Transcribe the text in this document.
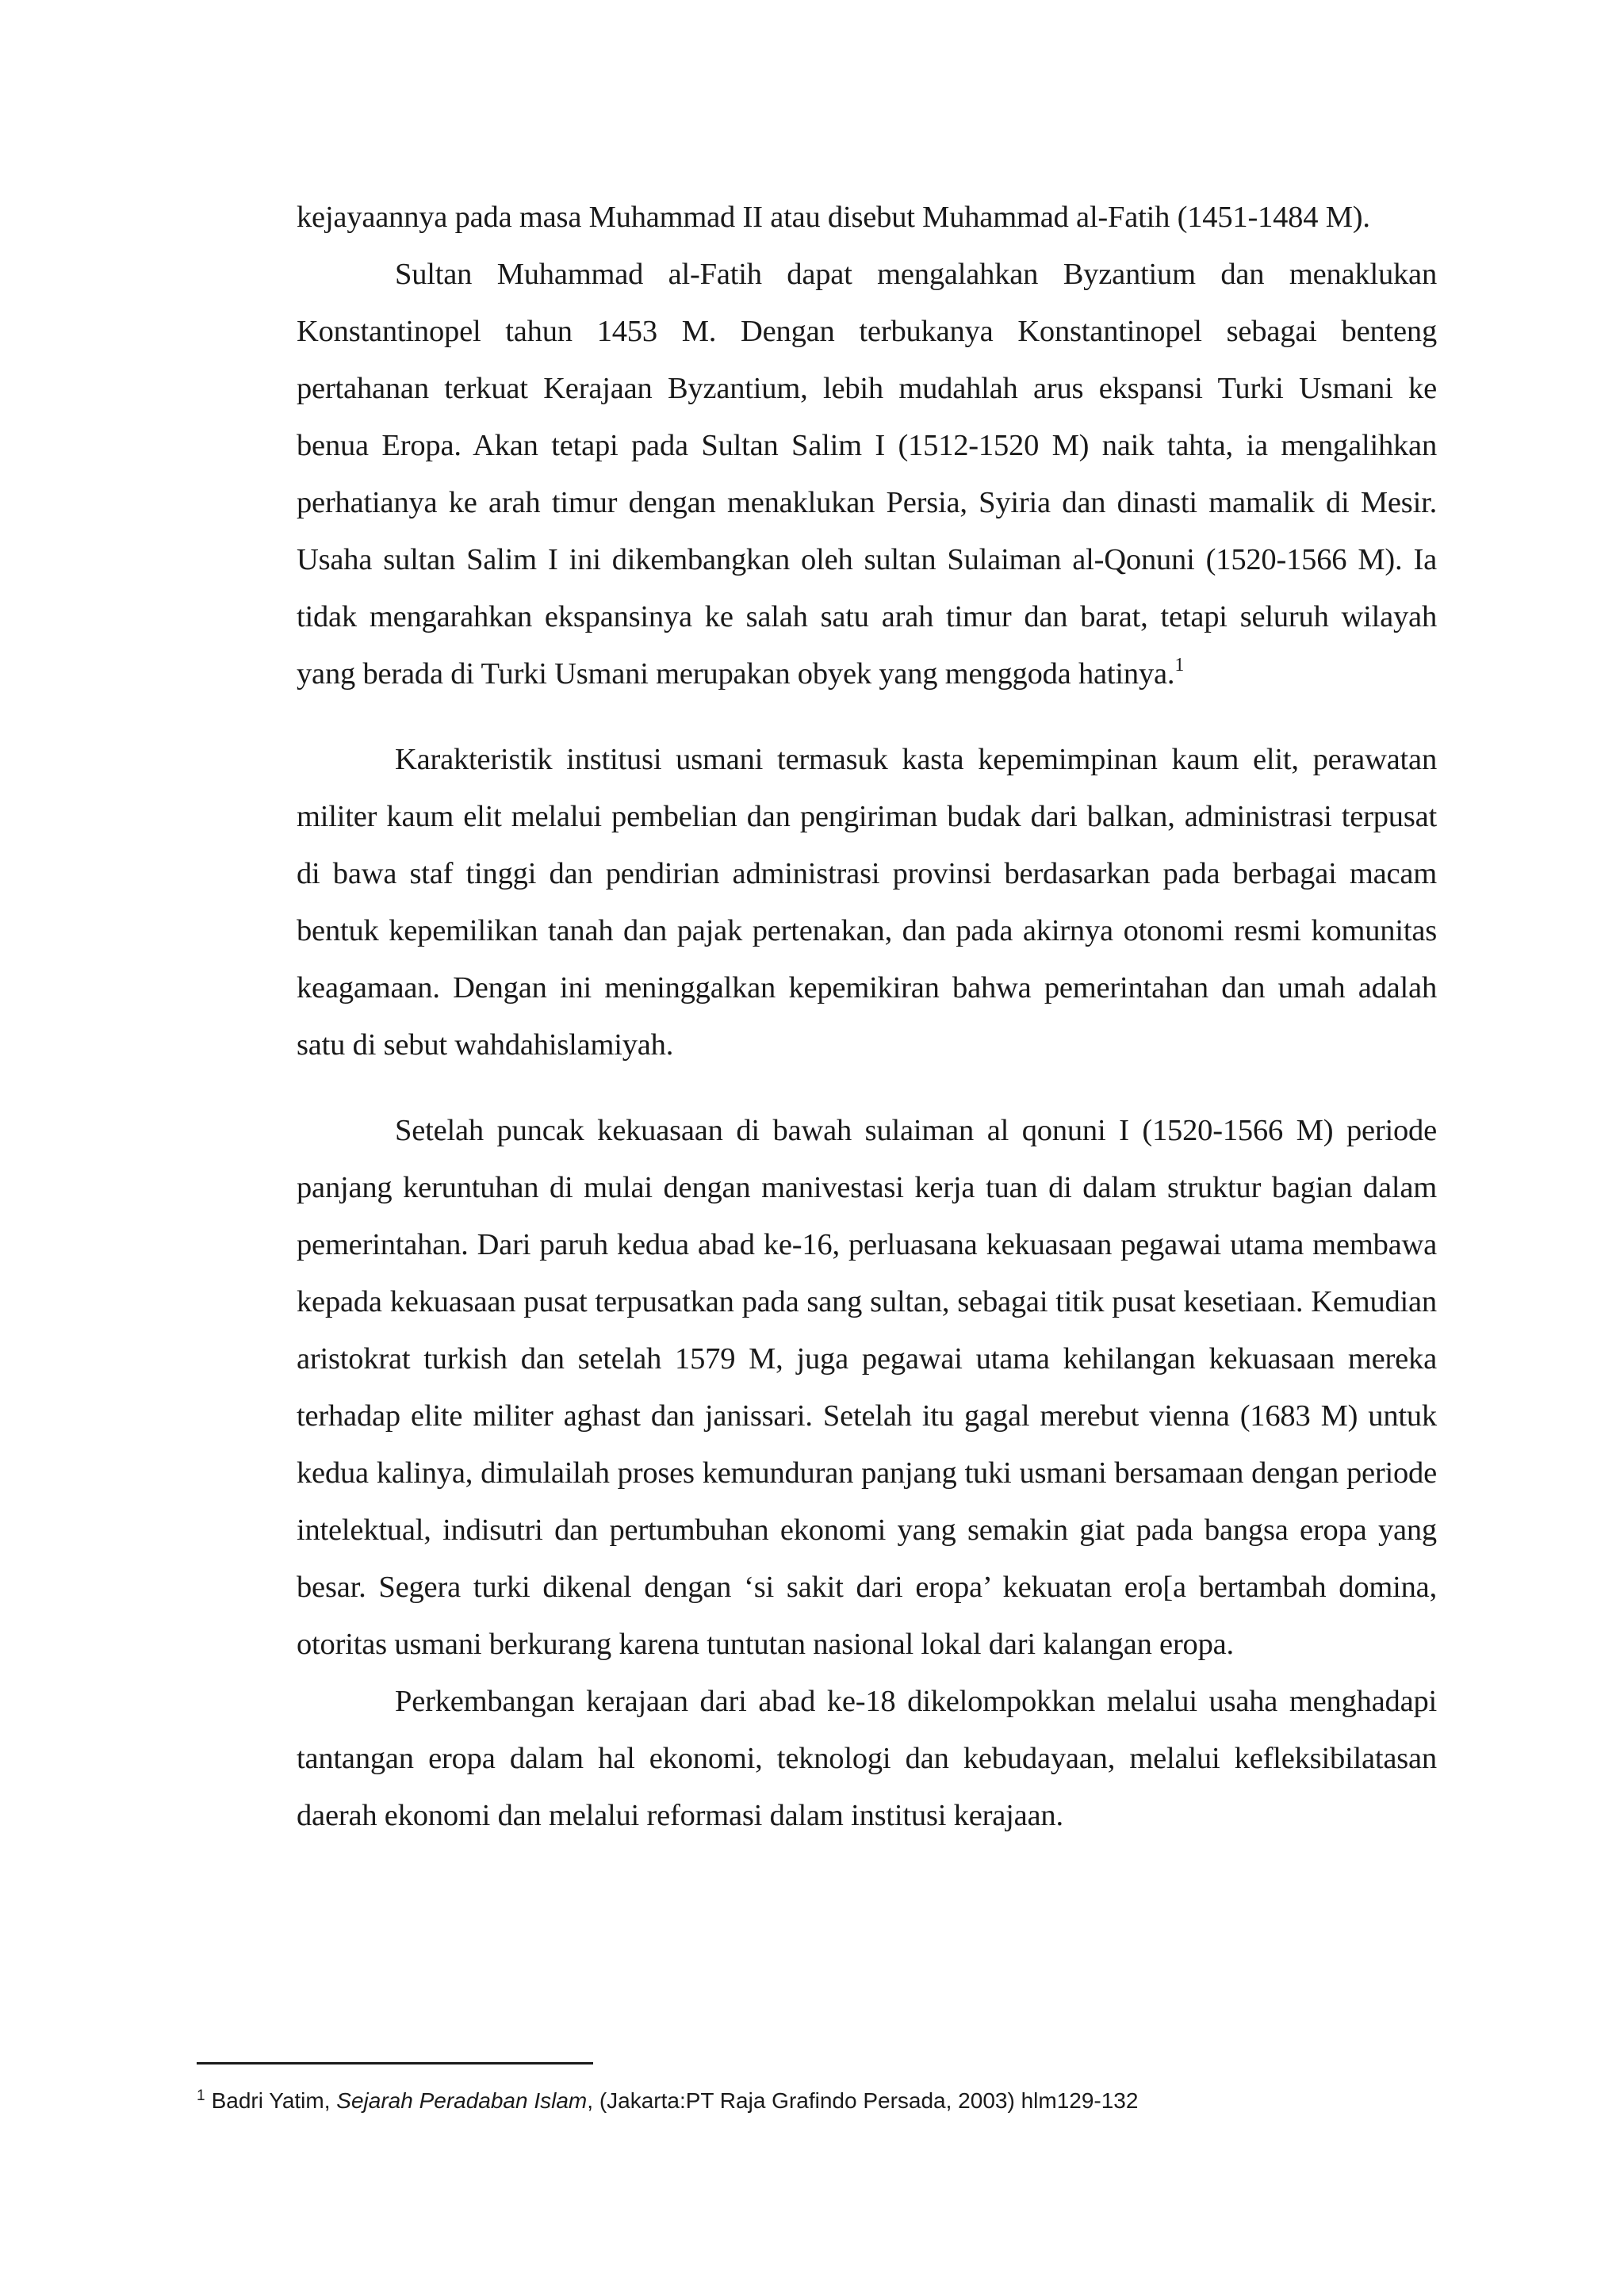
kejayaannya pada masa Muhammad II atau disebut Muhammad al-Fatih (1451-1484 M).

Sultan Muhammad al-Fatih dapat mengalahkan Byzantium dan menaklukan Konstantinopel tahun 1453 M. Dengan terbukanya Konstantinopel sebagai benteng pertahanan terkuat Kerajaan Byzantium, lebih mudahlah arus ekspansi Turki Usmani ke benua Eropa. Akan tetapi pada Sultan Salim I (1512-1520 M) naik tahta, ia mengalihkan perhatianya ke arah timur dengan menaklukan Persia, Syiria dan dinasti mamalik di Mesir. Usaha sultan Salim I ini dikembangkan oleh sultan Sulaiman al-Qonuni (1520-1566 M). Ia tidak mengarahkan ekspansinya ke salah satu arah timur dan barat, tetapi seluruh wilayah yang berada di Turki Usmani merupakan obyek yang menggoda hatinya.$^1$

Karakteristik institusi usmani termasuk kasta kepemimpinan kaum elit, perawatan militer kaum elit melalui pembelian dan pengiriman budak dari balkan, administrasi terpusat di bawa staf tinggi dan pendirian administrasi provinsi berdasarkan pada berbagai macam bentuk kepemilikan tanah dan pajak pertenakan, dan pada akirnya otonomi resmi komunitas keagamaan. Dengan ini meninggalkan kepemikiran bahwa pemerintahan dan umah adalah satu di sebut wahdahislamiyah.

Setelah puncak kekuasaan di bawah sulaiman al qonuni I (1520-1566 M) periode panjang keruntuhan di mulai dengan manivestasi kerja tuan di dalam struktur bagian dalam pemerintahan. Dari paruh kedua abad ke-16, perluasana kekuasaan pegawai utama membawa kepada kekuasaan pusat terpusatkan pada sang sultan, sebagai titik pusat kesetiaan. Kemudian aristokrat turkish dan setelah 1579 M, juga pegawai utama kehilangan kekuasaan mereka terhadap elite militer aghast dan janissari. Setelah itu gagal merebut vienna (1683 M) untuk kedua kalinya, dimulailah proses kemunduran panjang tuki usmani bersamaan dengan periode intelektual, indisutri dan pertumbuhan ekonomi yang semakin giat pada bangsa eropa yang besar. Segera turki dikenal dengan ‘si sakit dari eropa’ kekuatan ero[a bertambah domina, otoritas usmani berkurang karena tuntutan nasional lokal dari kalangan eropa.

Perkembangan kerajaan dari abad ke-18 dikelompokkan melalui usaha menghadapi tantangan eropa dalam hal ekonomi, teknologi dan kebudayaan, melalui kefleksibilatasan daerah ekonomi dan melalui reformasi dalam institusi kerajaan.

$^1$ Badri Yatim, Sejarah Peradaban Islam, (Jakarta:PT Raja Grafindo Persada, 2003) hlm129-132
